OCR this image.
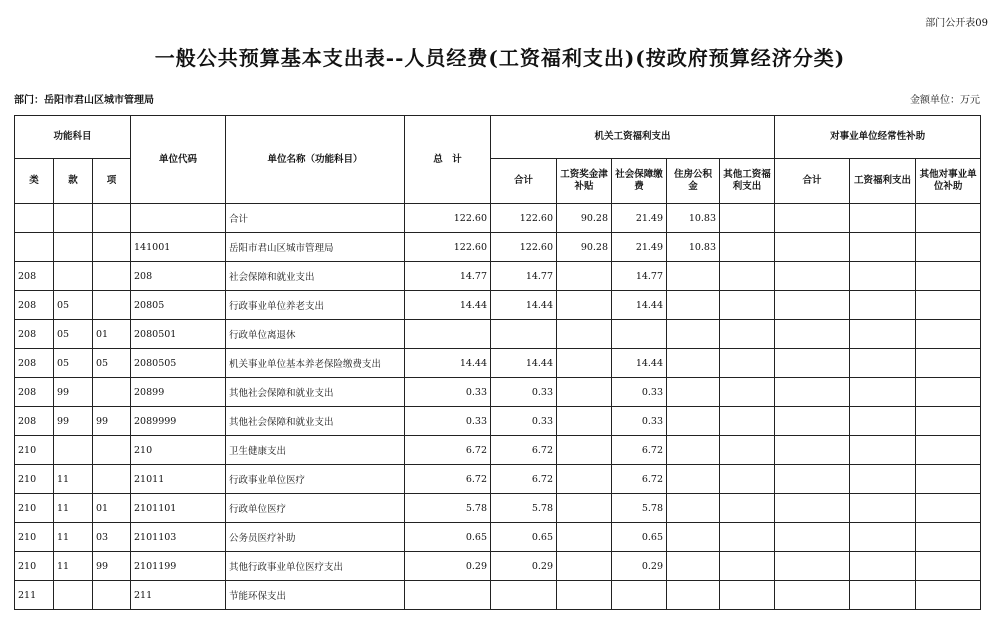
部门公开表09
一般公共预算基本支出表--人员经费(工资福利支出)(按政府预算经济分类)
部门：岳阳市君山区城市管理局	金额单位：万元
功能科目			单位代码	单位名称（功能科目）	总　计	机关工资福利支出					对事业单位经常性补助		
类	款	项				合计	工资奖金津补贴	社会保障缴费	住房公积金	其他工资福利支出	合计	工资福利支出	其他对事业单位补助
				合计	122.60	122.60	90.28	21.49	10.83				
			141001	岳阳市君山区城市管理局	122.60	122.60	90.28	21.49	10.83				
208			208	社会保障和就业支出	14.77	14.77		14.77					
208	05		20805	行政事业单位养老支出	14.44	14.44		14.44					
208	05	01	2080501	行政单位离退休									
208	05	05	2080505	机关事业单位基本养老保险缴费支出	14.44	14.44		14.44					
208	99		20899	其他社会保障和就业支出	0.33	0.33		0.33					
208	99	99	2089999	其他社会保障和就业支出	0.33	0.33		0.33					
210			210	卫生健康支出	6.72	6.72		6.72					
210	11		21011	行政事业单位医疗	6.72	6.72		6.72					
210	11	01	2101101	行政单位医疗	5.78	5.78		5.78					
210	11	03	2101103	公务员医疗补助	0.65	0.65		0.65					
210	11	99	2101199	其他行政事业单位医疗支出	0.29	0.29		0.29					
211			211	节能环保支出									
